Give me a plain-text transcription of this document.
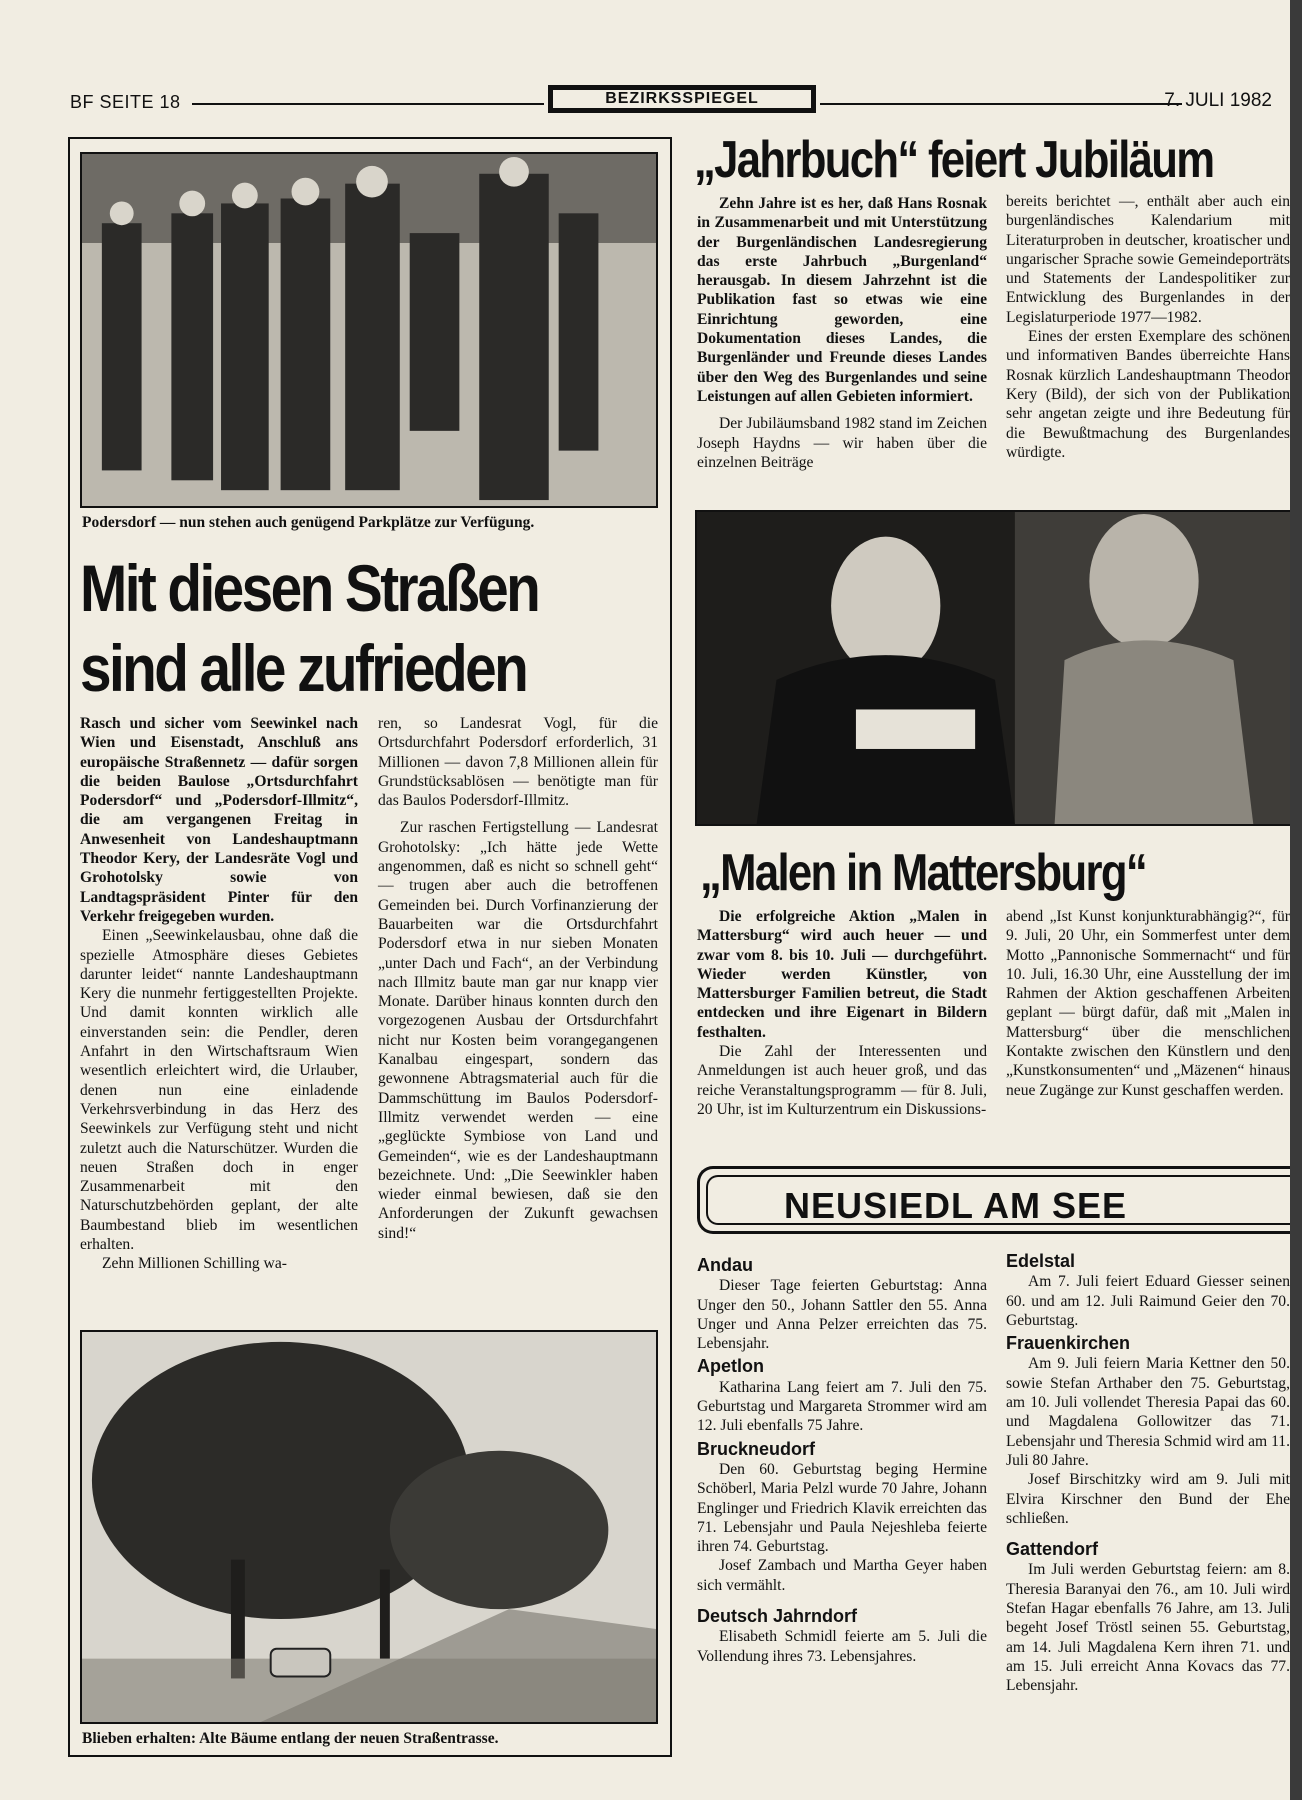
BF SEITE 18	BEZIRKSSPIEGEL	7. JULI 1982
Podersdorf — nun stehen auch genügend Parkplätze zur Verfügung.
Mit diesen Straßen
sind alle zufrieden

Rasch und sicher vom Seewinkel nach Wien und Eisenstadt, Anschluß ans europäische Straßennetz — dafür sorgen die beiden Baulose „Ortsdurchfahrt Podersdorf“ und „Podersdorf-Illmitz“, die am vergangenen Freitag in Anwesenheit von Landeshauptmann Theodor Kery, der Landesräte Vogl und Grohotolsky sowie von Landtagspräsident Pinter für den Verkehr freigegeben wurden.

Einen „Seewinkelausbau, ohne daß die spezielle Atmosphäre dieses Gebietes darunter leidet“ nannte Landeshauptmann Kery die nunmehr fertiggestellten Projekte. Und damit konnten wirklich alle einverstanden sein: die Pendler, deren Anfahrt in den Wirtschaftsraum Wien wesentlich erleichtert wird, die Urlauber, denen nun eine einladende Verkehrsverbindung in das Herz des Seewinkels zur Verfügung steht und nicht zuletzt auch die Naturschützer. Wurden die neuen Straßen doch in enger Zusammenarbeit mit den Naturschutzbehörden geplant, der alte Baumbestand blieb im wesentlichen erhalten.

Zehn Millionen Schilling wa-

ren, so Landesrat Vogl, für die Ortsdurchfahrt Podersdorf erforderlich, 31 Millionen — davon 7,8 Millionen allein für Grundstücksablösen — benötigte man für das Baulos Podersdorf-Illmitz.

Zur raschen Fertigstellung — Landesrat Grohotolsky: „Ich hätte jede Wette angenommen, daß es nicht so schnell geht“ — trugen aber auch die betroffenen Gemeinden bei. Durch Vorfinanzierung der Bauarbeiten war die Ortsdurchfahrt Podersdorf etwa in nur sieben Monaten „unter Dach und Fach“, an der Verbindung nach Illmitz baute man gar nur knapp vier Monate. Darüber hinaus konnten durch den vorgezogenen Ausbau der Ortsdurchfahrt nicht nur Kosten beim vorangegangenen Kanalbau eingespart, sondern das gewonnene Abtragsmaterial auch für die Dammschüttung im Baulos Podersdorf-Illmitz verwendet werden — eine „geglückte Symbiose von Land und Gemeinden“, wie es der Landeshauptmann bezeichnete. Und: „Die Seewinkler haben wieder einmal bewiesen, daß sie den Anforderungen der Zukunft gewachsen sind!“

Blieben erhalten: Alte Bäume entlang der neuen Straßentrasse.
„Jahrbuch“ feiert Jubiläum

Zehn Jahre ist es her, daß Hans Rosnak in Zusammenarbeit und mit Unterstützung der Burgenländischen Landesregierung das erste Jahrbuch „Burgenland“ herausgab. In diesem Jahrzehnt ist die Publikation fast so etwas wie eine Einrichtung geworden, eine Dokumentation dieses Landes, die Burgenländer und Freunde dieses Landes über den Weg des Burgenlandes und seine Leistungen auf allen Gebieten informiert.

Der Jubiläumsband 1982 stand im Zeichen Joseph Haydns — wir haben über die einzelnen Beiträge

bereits berichtet —, enthält aber auch ein burgenländisches Kalendarium mit Literaturproben in deutscher, kroatischer und ungarischer Sprache sowie Gemeindeporträts und Statements der Landespolitiker zur Entwicklung des Burgenlandes in der Legislaturperiode 1977—1982.

Eines der ersten Exemplare des schönen und informativen Bandes überreichte Hans Rosnak kürzlich Landeshauptmann Theodor Kery (Bild), der sich von der Publikation sehr angetan zeigte und ihre Bedeutung für die Bewußtmachung des Burgenlandes würdigte.

„Malen in Mattersburg“

Die erfolgreiche Aktion „Malen in Mattersburg“ wird auch heuer — und zwar vom 8. bis 10. Juli — durchgeführt. Wieder werden Künstler, von Mattersburger Familien betreut, die Stadt entdecken und ihre Eigenart in Bildern festhalten.

Die Zahl der Interessenten und Anmeldungen ist auch heuer groß, und das reiche Veranstaltungsprogramm — für 8. Juli, 20 Uhr, ist im Kulturzentrum ein Diskussions-

abend „Ist Kunst konjunkturabhängig?“, für 9. Juli, 20 Uhr, ein Sommerfest unter dem Motto „Pannonische Sommernacht“ und für 10. Juli, 16.30 Uhr, eine Ausstellung der im Rahmen der Aktion geschaffenen Arbeiten geplant — bürgt dafür, daß mit „Malen in Mattersburg“ über die menschlichen Kontakte zwischen den Künstlern und den „Kunstkonsumenten“ und „Mäzenen“ hinaus neue Zugänge zur Kunst geschaffen werden.

NEUSIEDL AM SEE
Andau

Dieser Tage feierten Geburtstag: Anna Unger den 50., Johann Sattler den 55. Anna Unger und Anna Pelzer erreichten das 75. Lebensjahr.

Apetlon

Katharina Lang feiert am 7. Juli den 75. Geburtstag und Margareta Strommer wird am 12. Juli ebenfalls 75 Jahre.

Bruckneudorf

Den 60. Geburtstag beging Hermine Schöberl, Maria Pelzl wurde 70 Jahre, Johann Englinger und Friedrich Klavik erreichten das 71. Lebensjahr und Paula Nejeshleba feierte ihren 74. Geburtstag.

Josef Zambach und Martha Geyer haben sich vermählt.

Deutsch Jahrndorf

Elisabeth Schmidl feierte am 5. Juli die Vollendung ihres 73. Lebensjahres.

Edelstal

Am 7. Juli feiert Eduard Giesser seinen 60. und am 12. Juli Raimund Geier den 70. Geburtstag.

Frauenkirchen

Am 9. Juli feiern Maria Kettner den 50. sowie Stefan Arthaber den 75. Geburtstag, am 10. Juli vollendet Theresia Papai das 60. und Magdalena Gollowitzer das 71. Lebensjahr und Theresia Schmid wird am 11. Juli 80 Jahre.

Josef Birschitzky wird am 9. Juli mit Elvira Kirschner den Bund der Ehe schließen.

Gattendorf

Im Juli werden Geburtstag feiern: am 8. Theresia Baranyai den 76., am 10. Juli wird Stefan Hagar ebenfalls 76 Jahre, am 13. Juli begeht Josef Tröstl seinen 55. Geburtstag, am 14. Juli Magdalena Kern ihren 71. und am 15. Juli erreicht Anna Kovacs das 77. Lebensjahr.
